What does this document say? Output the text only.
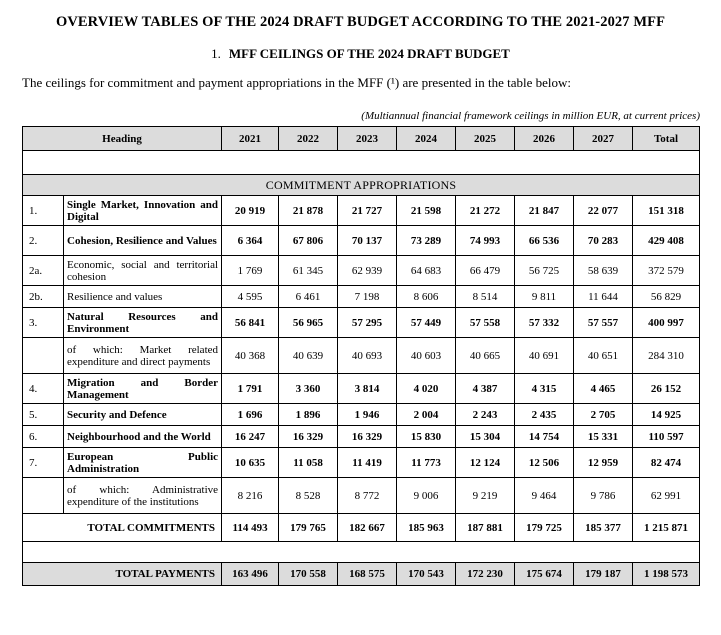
OVERVIEW TABLES OF THE 2024 DRAFT BUDGET ACCORDING TO THE 2021-2027 MFF
1. MFF CEILINGS OF THE 2024 DRAFT BUDGET
The ceilings for commitment and payment appropriations in the MFF (¹) are presented in the table below:
(Multiannual financial framework ceilings in million EUR, at current prices)
Heading		2021	2022	2023	2024	2025	2026	2027	Total

COMMITMENT APPROPRIATIONS									
1.	Single Market, Innovation and Digital	20 919	21 878	21 727	21 598	21 272	21 847	22 077	151 318
2.	Cohesion, Resilience and Values	6 364	67 806	70 137	73 289	74 993	66 536	70 283	429 408
2a.	Economic, social and territorial cohesion	1 769	61 345	62 939	64 683	66 479	56 725	58 639	372 579
2b.	Resilience and values	4 595	6 461	7 198	8 606	8 514	9 811	11 644	56 829
3.	Natural Resources and Environment	56 841	56 965	57 295	57 449	57 558	57 332	57 557	400 997
	of which: Market related expenditure and direct payments	40 368	40 639	40 693	40 603	40 665	40 691	40 651	284 310
4.	Migration and Border Management	1 791	3 360	3 814	4 020	4 387	4 315	4 465	26 152
5.	Security and Defence	1 696	1 896	1 946	2 004	2 243	2 435	2 705	14 925
6.	Neighbourhood and the World	16 247	16 329	16 329	15 830	15 304	14 754	15 331	110 597
7.	European Public Administration	10 635	11 058	11 419	11 773	12 124	12 506	12 959	82 474
	of which: Administrative expenditure of the institutions	8 216	8 528	8 772	9 006	9 219	9 464	9 786	62 991
TOTAL COMMITMENTS		114 493	179 765	182 667	185 963	187 881	179 725	185 377	1 215 871

TOTAL PAYMENTS		163 496	170 558	168 575	170 543	172 230	175 674	179 187	1 198 573
